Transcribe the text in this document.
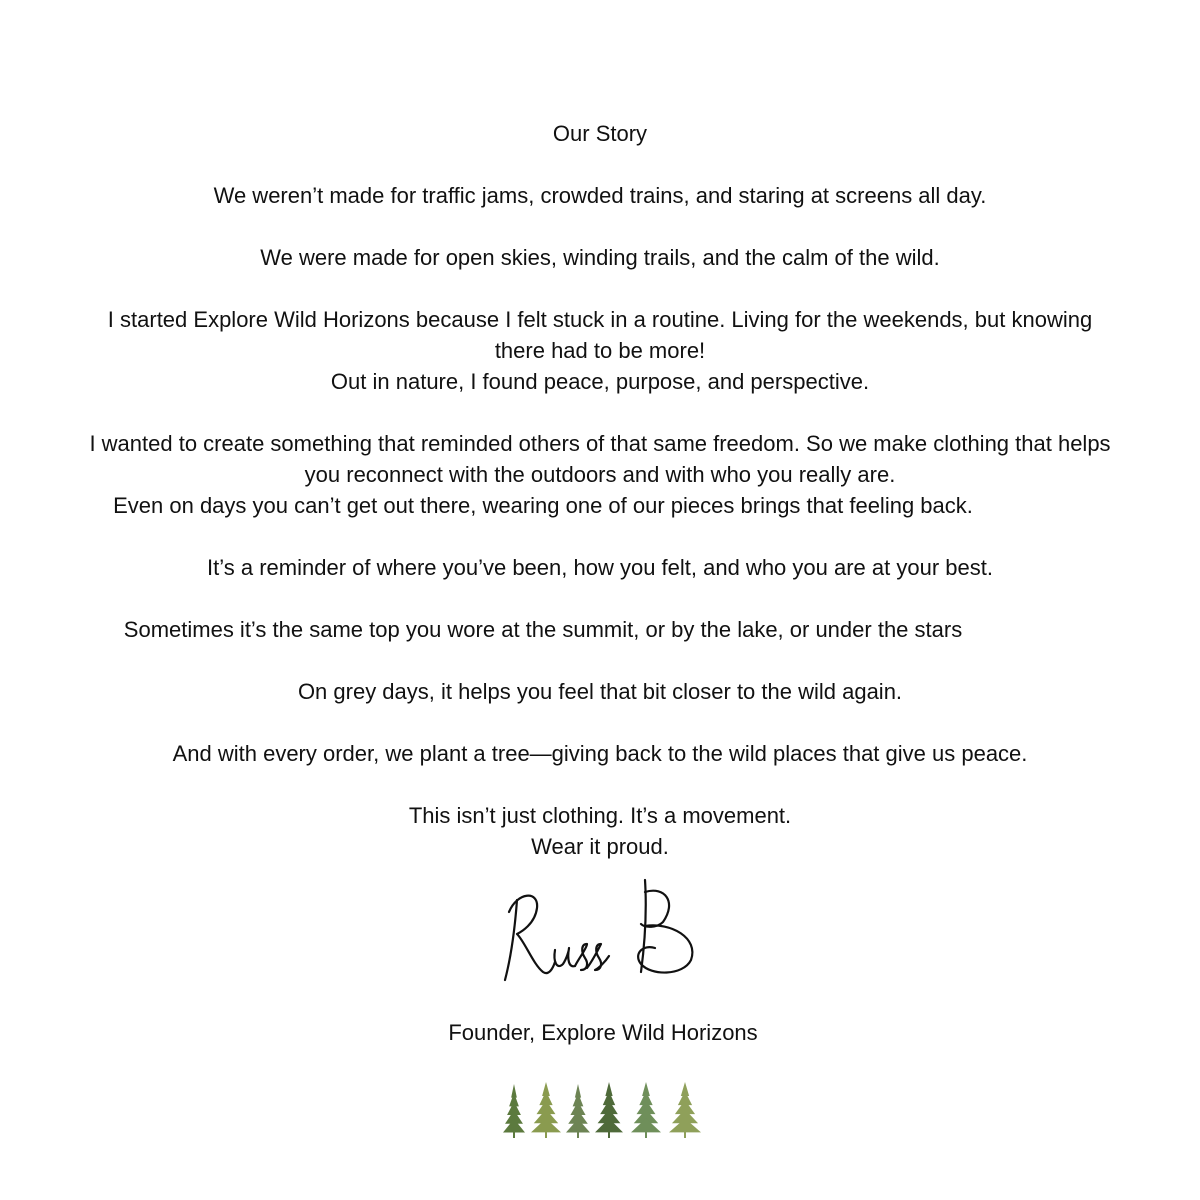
Our Story

We weren’t made for traffic jams, crowded trains, and staring at screens all day.

We were made for open skies, winding trails, and the calm of the wild.

I started Explore Wild Horizons because I felt stuck in a routine. Living for the weekends, but knowing

there had to be more!

Out in nature, I found peace, purpose, and perspective.

I wanted to create something that reminded others of that same freedom. So we make clothing that helps

you reconnect with the outdoors and with who you really are.

Even on days you can’t get out there, wearing one of our pieces brings that feeling back.

It’s a reminder of where you’ve been, how you felt, and who you are at your best.

Sometimes it’s the same top you wore at the summit, or by the lake, or under the stars

On grey days, it helps you feel that bit closer to the wild again.

And with every order, we plant a tree—giving back to the wild places that give us peace.

This isn’t just clothing. It’s a movement.

Wear it proud.

Founder, Explore Wild Horizons
